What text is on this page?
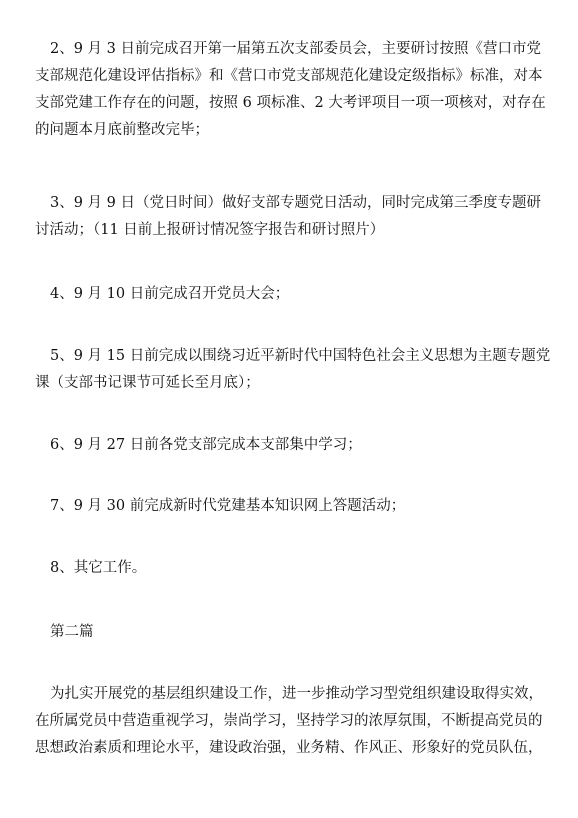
2、9 月 3 日前完成召开第一届第五次支部委员会，主要研讨按照《营口市党支部规范化建设评估指标》和《营口市党支部规范化建设定级指标》标准，对本支部党建工作存在的问题，按照 6 项标准、2 大考评项目一项一项核对，对存在的问题本月底前整改完毕；

3、9 月 9 日（党日时间）做好支部专题党日活动，同时完成第三季度专题研讨活动；（11 日前上报研讨情况签字报告和研讨照片）

4、9 月 10 日前完成召开党员大会；

5、9 月 15 日前完成以围绕习近平新时代中国特色社会主义思想为主题专题党课（支部书记课节可延长至月底）；

6、9 月 27 日前各党支部完成本支部集中学习；

7、9 月 30 前完成新时代党建基本知识网上答题活动；

8、其它工作。

第二篇

为扎实开展党的基层组织建设工作，进一步推动学习型党组织建设取得实效，在所属党员中营造重视学习，崇尚学习，坚持学习的浓厚氛围，不断提高党员的思想政治素质和理论水平，建设政治强，业务精、作风正、形象好的党员队伍，
